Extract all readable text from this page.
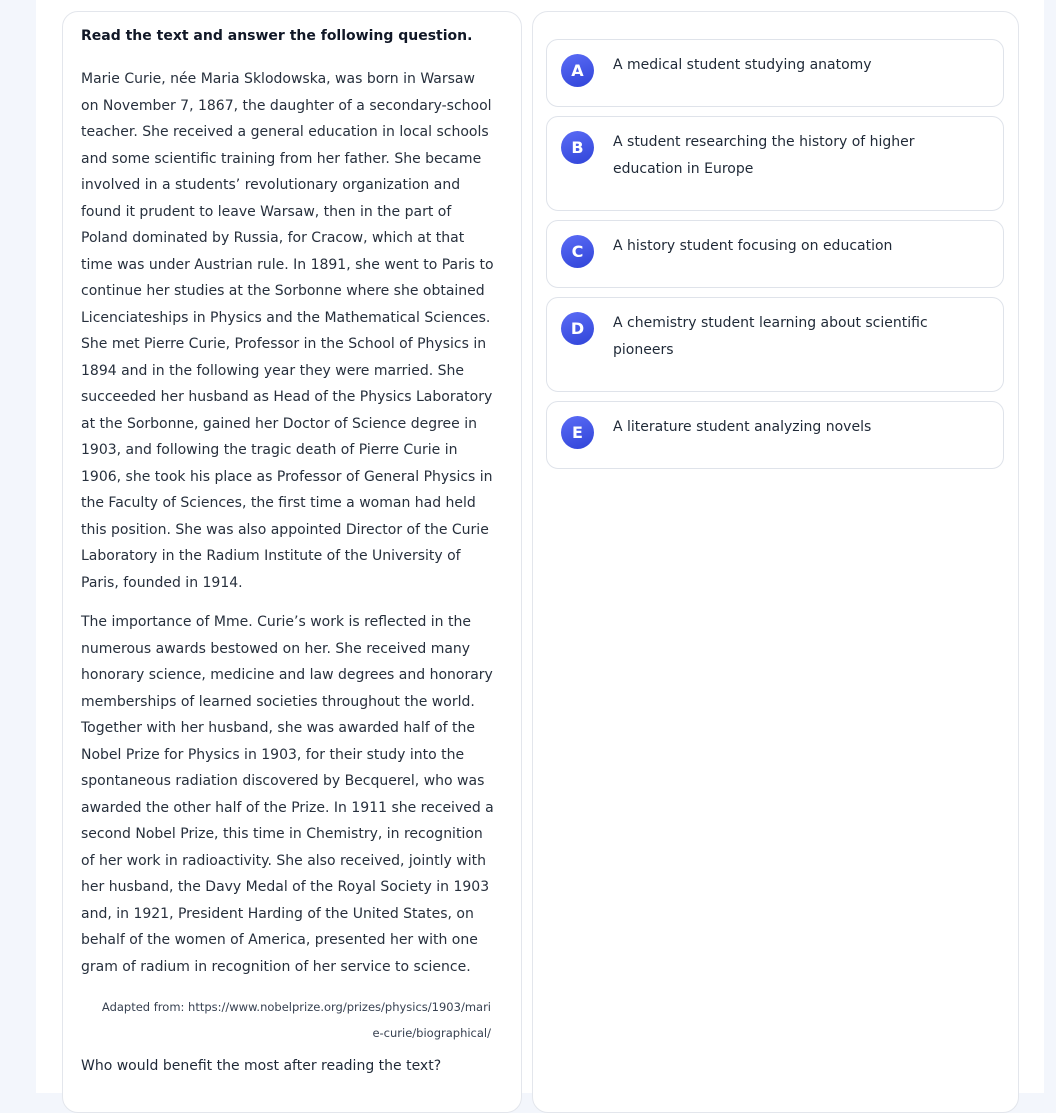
Read the text and answer the following question.

Marie Curie, née Maria Sklodowska, was born in Warsaw on November 7, 1867, the daughter of a secondary-school teacher. She received a general education in local schools and some scientific training from her father. She became involved in a students’ revolutionary organization and found it prudent to leave Warsaw, then in the part of Poland dominated by Russia, for Cracow, which at that time was under Austrian rule. In 1891, she went to Paris to continue her studies at the Sorbonne where she obtained Licenciateships in Physics and the Mathematical Sciences. She met Pierre Curie, Professor in the School of Physics in 1894 and in the following year they were married. She succeeded her husband as Head of the Physics Laboratory at the Sorbonne, gained her Doctor of Science degree in 1903, and following the tragic death of Pierre Curie in 1906, she took his place as Professor of General Physics in the Faculty of Sciences, the first time a woman had held this position. She was also appointed Director of the Curie Laboratory in the Radium Institute of the University of Paris, founded in 1914.

The importance of Mme. Curie’s work is reflected in the numerous awards bestowed on her. She received many honorary science, medicine and law degrees and honorary memberships of learned societies throughout the world. Together with her husband, she was awarded half of the Nobel Prize for Physics in 1903, for their study into the spontaneous radiation discovered by Becquerel, who was awarded the other half of the Prize. In 1911 she received a second Nobel Prize, this time in Chemistry, in recognition of her work in radioactivity. She also received, jointly with her husband, the Davy Medal of the Royal Society in 1903 and, in 1921, President Harding of the United States, on behalf of the women of America, presented her with one gram of radium in recognition of her service to science.

Adapted from: https://www.nobelprize.org/prizes/physics/1903/marie-curie/biographical/
Who would benefit the most after reading the text?
A	A medical student studying anatomy
B	A student researching the history of higher education in Europe
C	A history student focusing on education
D	A chemistry student learning about scientific pioneers
E	A literature student analyzing novels
